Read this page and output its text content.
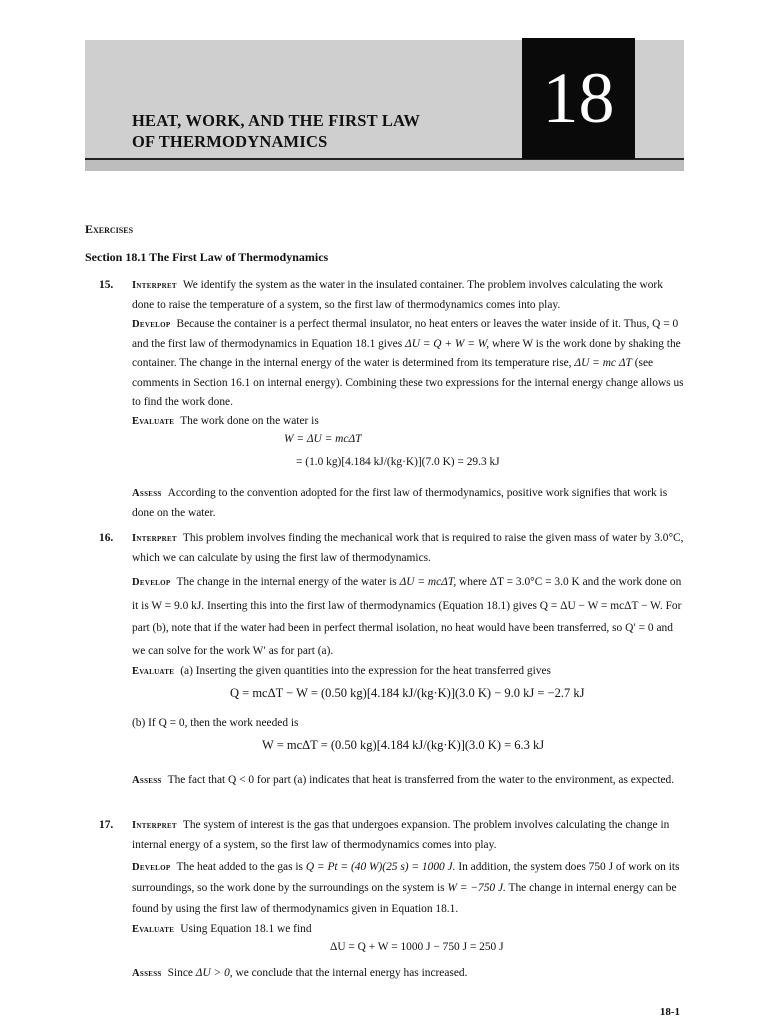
HEAT, WORK, AND THE FIRST LAW
OF THERMODYNAMICS
18
Exercises
Section 18.1 The First Law of Thermodynamics
15. Interpret We identify the system as the water in the insulated container. The problem involves calculating the work done to raise the temperature of a system, so the first law of thermodynamics comes into play.
Develop Because the container is a perfect thermal insulator, no heat enters or leaves the water inside of it. Thus, Q = 0 and the first law of thermodynamics in Equation 18.1 gives ΔU = Q + W = W, where W is the work done by shaking the container. The change in the internal energy of the water is determined from its temperature rise, ΔU = mc ΔT (see comments in Section 16.1 on internal energy). Combining these two expressions for the internal energy change allows us to find the work done.
Evaluate The work done on the water is
W = ΔU = mcΔT
= (1.0 kg)[4.184 kJ/(kg·K)](7.0 K) = 29.3 kJ
Assess According to the convention adopted for the first law of thermodynamics, positive work signifies that work is done on the water.
16. Interpret This problem involves finding the mechanical work that is required to raise the given mass of water by 3.0°C, which we can calculate by using the first law of thermodynamics.
Develop The change in the internal energy of the water is ΔU = mcΔT, where ΔT = 3.0°C = 3.0 K and the work done on it is W = 9.0 kJ. Inserting this into the first law of thermodynamics (Equation 18.1) gives Q = ΔU − W = mcΔT − W. For part (b), note that if the water had been in perfect thermal isolation, no heat would have been transferred, so Q′ = 0 and we can solve for the work W′ as for part (a).
Evaluate (a) Inserting the given quantities into the expression for the heat transferred gives
Q = mcΔT − W = (0.50 kg)[4.184 kJ/(kg·K)](3.0 K) − 9.0 kJ = −2.7 kJ
(b) If Q = 0, then the work needed is
W = mcΔT = (0.50 kg)[4.184 kJ/(kg·K)](3.0 K) = 6.3 kJ
Assess The fact that Q < 0 for part (a) indicates that heat is transferred from the water to the environment, as expected.
17. Interpret The system of interest is the gas that undergoes expansion. The problem involves calculating the change in internal energy of a system, so the first law of thermodynamics comes into play.
Develop The heat added to the gas is Q = Pt = (40 W)(25 s) = 1000 J. In addition, the system does 750 J of work on its surroundings, so the work done by the surroundings on the system is W = −750 J. The change in internal energy can be found by using the first law of thermodynamics given in Equation 18.1.
Evaluate Using Equation 18.1 we find
ΔU = Q + W = 1000 J − 750 J = 250 J
Assess Since ΔU > 0, we conclude that the internal energy has increased.
18-1
